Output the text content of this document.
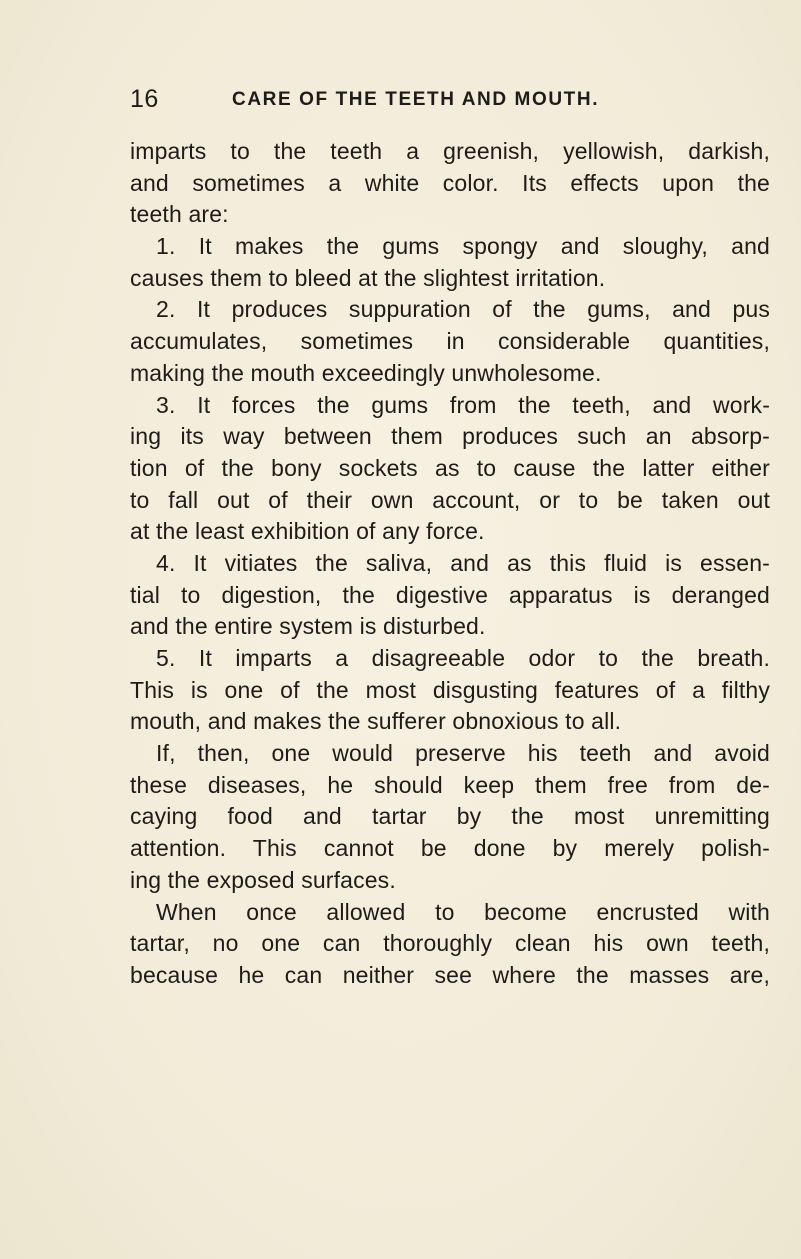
16	CARE OF THE TEETH AND MOUTH.
imparts to the teeth a greenish, yellowish, darkish,
and sometimes a white color. Its effects upon the
teeth are:
1. It makes the gums spongy and sloughy, and
causes them to bleed at the slightest irritation.
2. It produces suppuration of the gums, and pus
accumulates, sometimes in considerable quantities,
making the mouth exceedingly unwholesome.
3. It forces the gums from the teeth, and work-
ing its way between them produces such an absorp-
tion of the bony sockets as to cause the latter either
to fall out of their own account, or to be taken out
at the least exhibition of any force.
4. It vitiates the saliva, and as this fluid is essen-
tial to digestion, the digestive apparatus is deranged
and the entire system is disturbed.
5. It imparts a disagreeable odor to the breath.
This is one of the most disgusting features of a filthy
mouth, and makes the sufferer obnoxious to all.
If, then, one would preserve his teeth and avoid
these diseases, he should keep them free from de-
caying food and tartar by the most unremitting
attention. This cannot be done by merely polish-
ing the exposed surfaces.
When once allowed to become encrusted with
tartar, no one can thoroughly clean his own teeth,
because he can neither see where the masses are,
